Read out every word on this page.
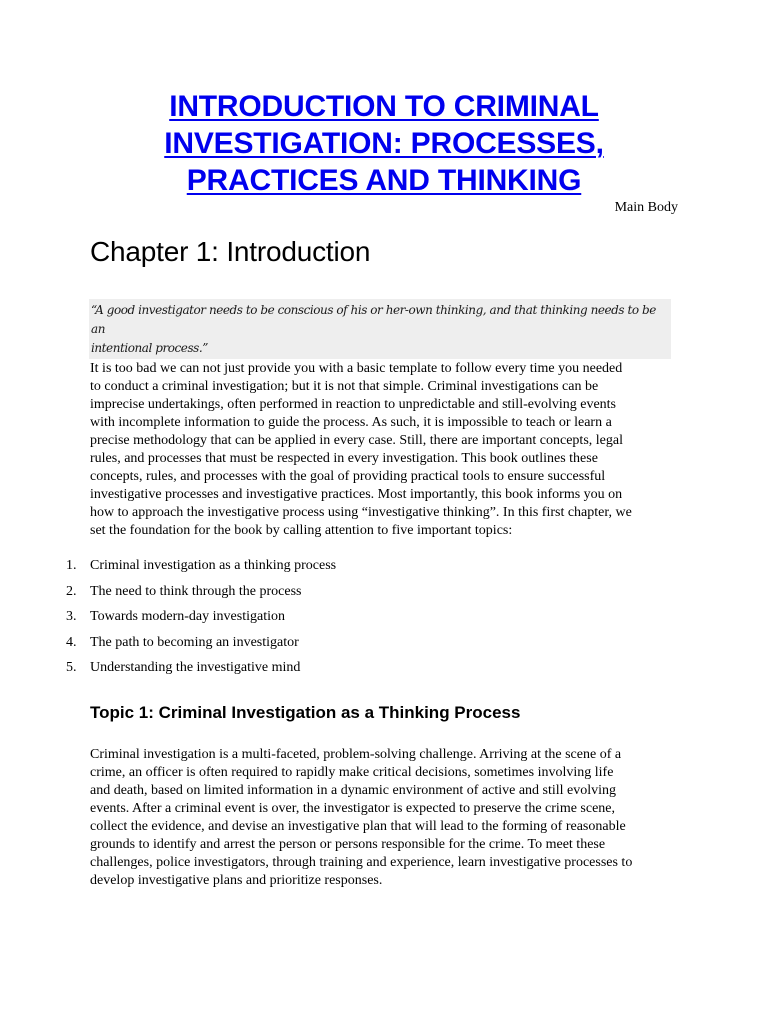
INTRODUCTION TO CRIMINAL
INVESTIGATION: PROCESSES,
PRACTICES AND THINKING
Main Body
Chapter 1: Introduction
“A good investigator needs to be conscious of his or her-own thinking, and that thinking needs to be an
intentional process.”

It is too bad we can not just provide you with a basic template to follow every time you needed
to conduct a criminal investigation; but it is not that simple. Criminal investigations can be
imprecise undertakings, often performed in reaction to unpredictable and still-evolving events
with incomplete information to guide the process. As such, it is impossible to teach or learn a
precise methodology that can be applied in every case. Still, there are important concepts, legal
rules, and processes that must be respected in every investigation. This book outlines these
concepts, rules, and processes with the goal of providing practical tools to ensure successful
investigative processes and investigative practices. Most importantly, this book informs you on
how to approach the investigative process using “investigative thinking”. In this first chapter, we
set the foundation for the book by calling attention to five important topics:

1. Criminal investigation as a thinking process
2. The need to think through the process
3. Towards modern-day investigation
4. The path to becoming an investigator
5. Understanding the investigative mind
Topic 1: Criminal Investigation as a Thinking Process

Criminal investigation is a multi-faceted, problem-solving challenge. Arriving at the scene of a
crime, an officer is often required to rapidly make critical decisions, sometimes involving life
and death, based on limited information in a dynamic environment of active and still evolving
events. After a criminal event is over, the investigator is expected to preserve the crime scene,
collect the evidence, and devise an investigative plan that will lead to the forming of reasonable
grounds to identify and arrest the person or persons responsible for the crime. To meet these
challenges, police investigators, through training and experience, learn investigative processes to
develop investigative plans and prioritize responses.
